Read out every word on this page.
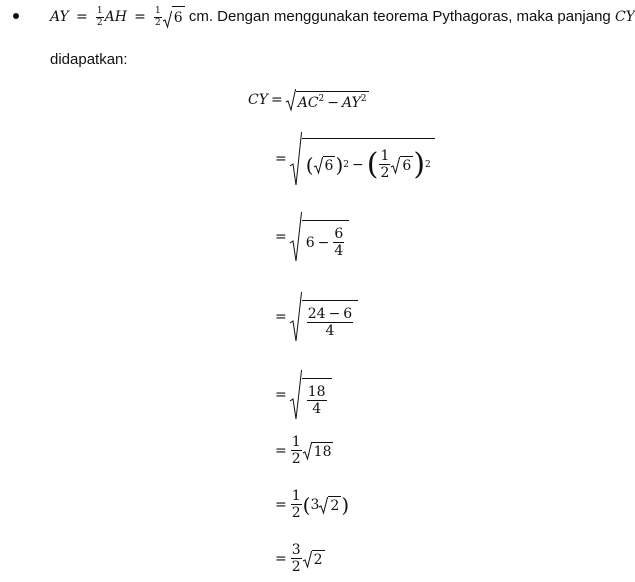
AY = $\frac{1}{2}$ AH = $\frac{1}{2} 6$ cm. Dengan menggunakan teorema Pythagoras, maka panjang CY
didapatkan:
CY =	$AC^2 - AY^2$
= ( 6 ) 2 − ( $\frac{1}{2} 6$ ) 2
= $6 - \frac{6}{4}$
= $\frac{24 - 6}{4}$
= $\frac{18}{4}$
= $\frac{1}{2} 18$
= $\frac{1}{2}$ ( 3 2 )
= $\frac{3}{2} 2$
